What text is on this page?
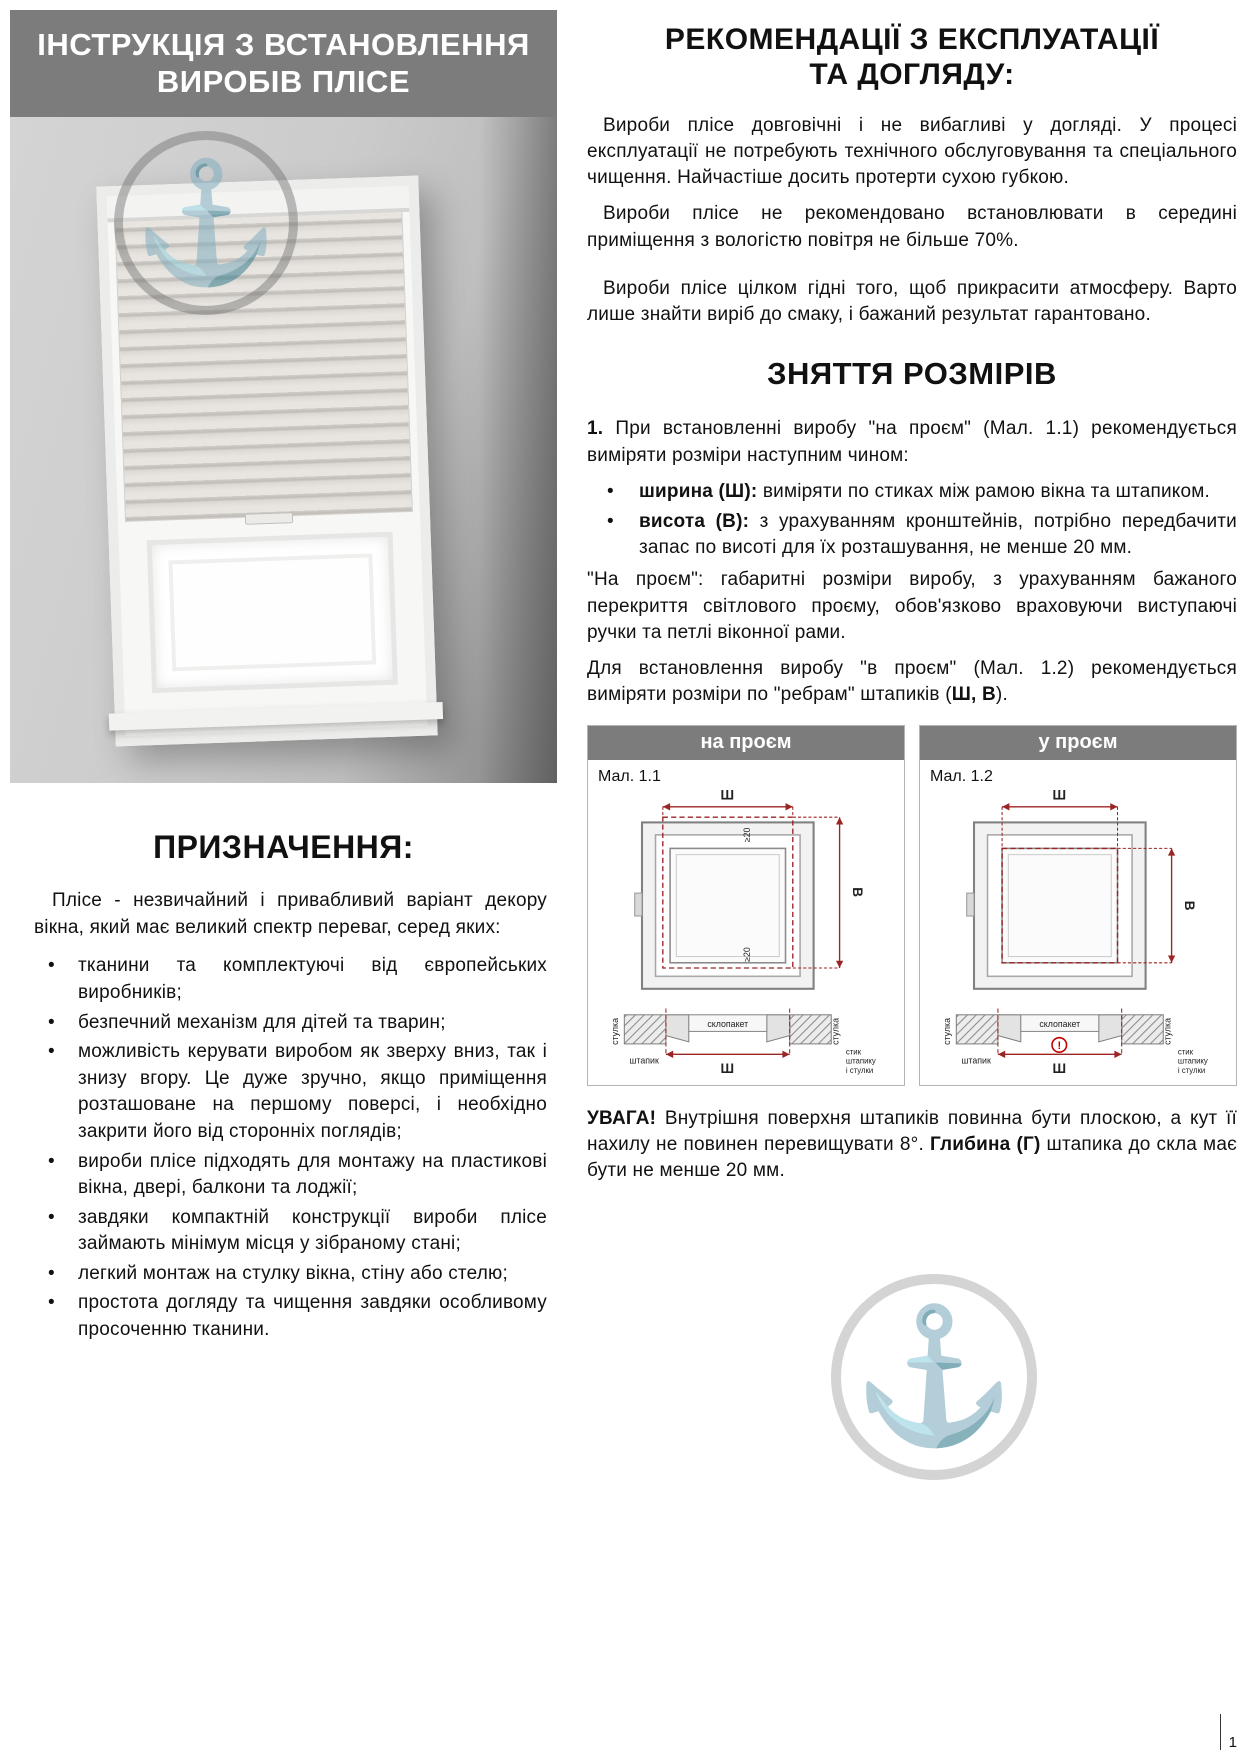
ІНСТРУКЦІЯ З ВСТАНОВЛЕННЯ
ВИРОБІВ ПЛІСЕ
⚓
ПРИЗНАЧЕННЯ:

Плісе - незвичайний і привабливий варіант декору вікна, який має великий спектр переваг, серед яких:

• тканини та комплектуючі від європейських виробників;
• безпечний механізм для дітей та тварин;
• можливість керувати виробом як зверху вниз, так і знизу вгору. Це дуже зручно, якщо приміщення розташоване на першому поверсі, і необхідно закрити його від сторонніх поглядів;
• вироби плісе підходять для монтажу на пластикові вікна, двері, балкони та лоджії;
• завдяки компактній конструкції вироби плісе займають мінімум місця у зібраному стані;
• легкий монтаж на стулку вікна, стіну або стелю;
• простота догляду та чищення завдяки особливому просоченню тканини.
РЕКОМЕНДАЦІЇ З ЕКСПЛУАТАЦІЇ
ТА ДОГЛЯДУ:

Вироби плісе довговічні і не вибагливі у догляді. У процесі експлуатації не потребують технічного обслуговування та спеціального чищення. Найчастіше досить протерти сухою губкою.

Вироби плісе не рекомендовано встановлювати в середині приміщення з вологістю повітря не більше 70%.

Вироби плісе цілком гідні того, щоб прикрасити атмосферу. Варто лише знайти виріб до смаку, і бажаний результат гарантовано.

ЗНЯТТЯ РОЗМІРІВ

1. При встановленні виробу "на проєм" (Мал. 1.1) рекомендується виміряти розміри наступним чином:

• ширина (Ш): виміряти по стиках між рамою вікна та штапиком.
• висота (В): з урахуванням кронштейнів, потрібно передбачити запас по висоті для їх розташування, не менше 20 мм.

"На проєм": габаритні розміри виробу, з урахуванням бажаного перекриття світлового проєму, обов'язково враховуючи виступаючі ручки та петлі віконної рами.

Для встановлення виробу "в проєм" (Мал. 1.2) рекомендується виміряти розміри по "ребрам" штапиків (Ш, В).

на проєм
Мал. 1.1
Ш
В
≥20
≥20
склопакет
Ш
штапик
стулка	стулка
стик
штапику
і стулки
у проєм
Мал. 1.2
Ш
В
склопакет
!
Ш
штапик
стулка	стулка
стик
штапику
і стулки

УВАГА! Внутрішня поверхня штапиків повинна бути плоскою, а кут її нахилу не повинен перевищувати 8°. Глибина (Г) штапика до скла має бути не менше 20 мм.

⚓
1
